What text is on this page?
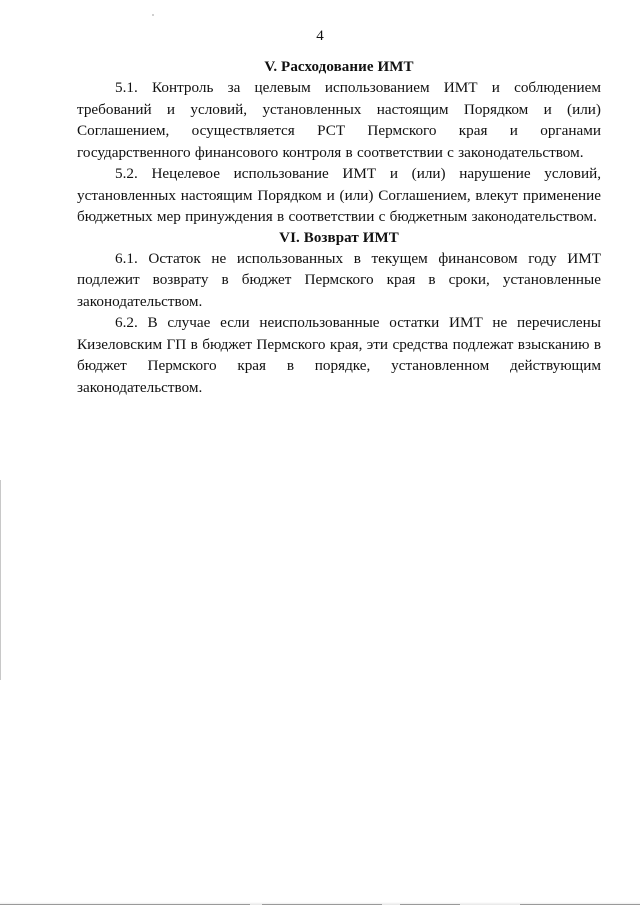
4
V. Расходование ИМТ

5.1. Контроль за целевым использованием ИМТ и соблюдением требований и условий, установленных настоящим Порядком и (или) Соглашением, осуществляется РСТ Пермского края и органами государственного финансового контроля в соответствии с законодательством.

5.2. Нецелевое использование ИМТ и (или) нарушение условий, установленных настоящим Порядком и (или) Соглашением, влекут применение бюджетных мер принуждения в соответствии с бюджетным законодательством.

VI. Возврат ИМТ

6.1. Остаток не использованных в текущем финансовом году ИМТ подлежит возврату в бюджет Пермского края в сроки, установленные законодательством.

6.2. В случае если неиспользованные остатки ИМТ не перечислены Кизеловским ГП в бюджет Пермского края, эти средства подлежат взысканию в бюджет Пермского края в порядке, установленном действующим законодательством.
